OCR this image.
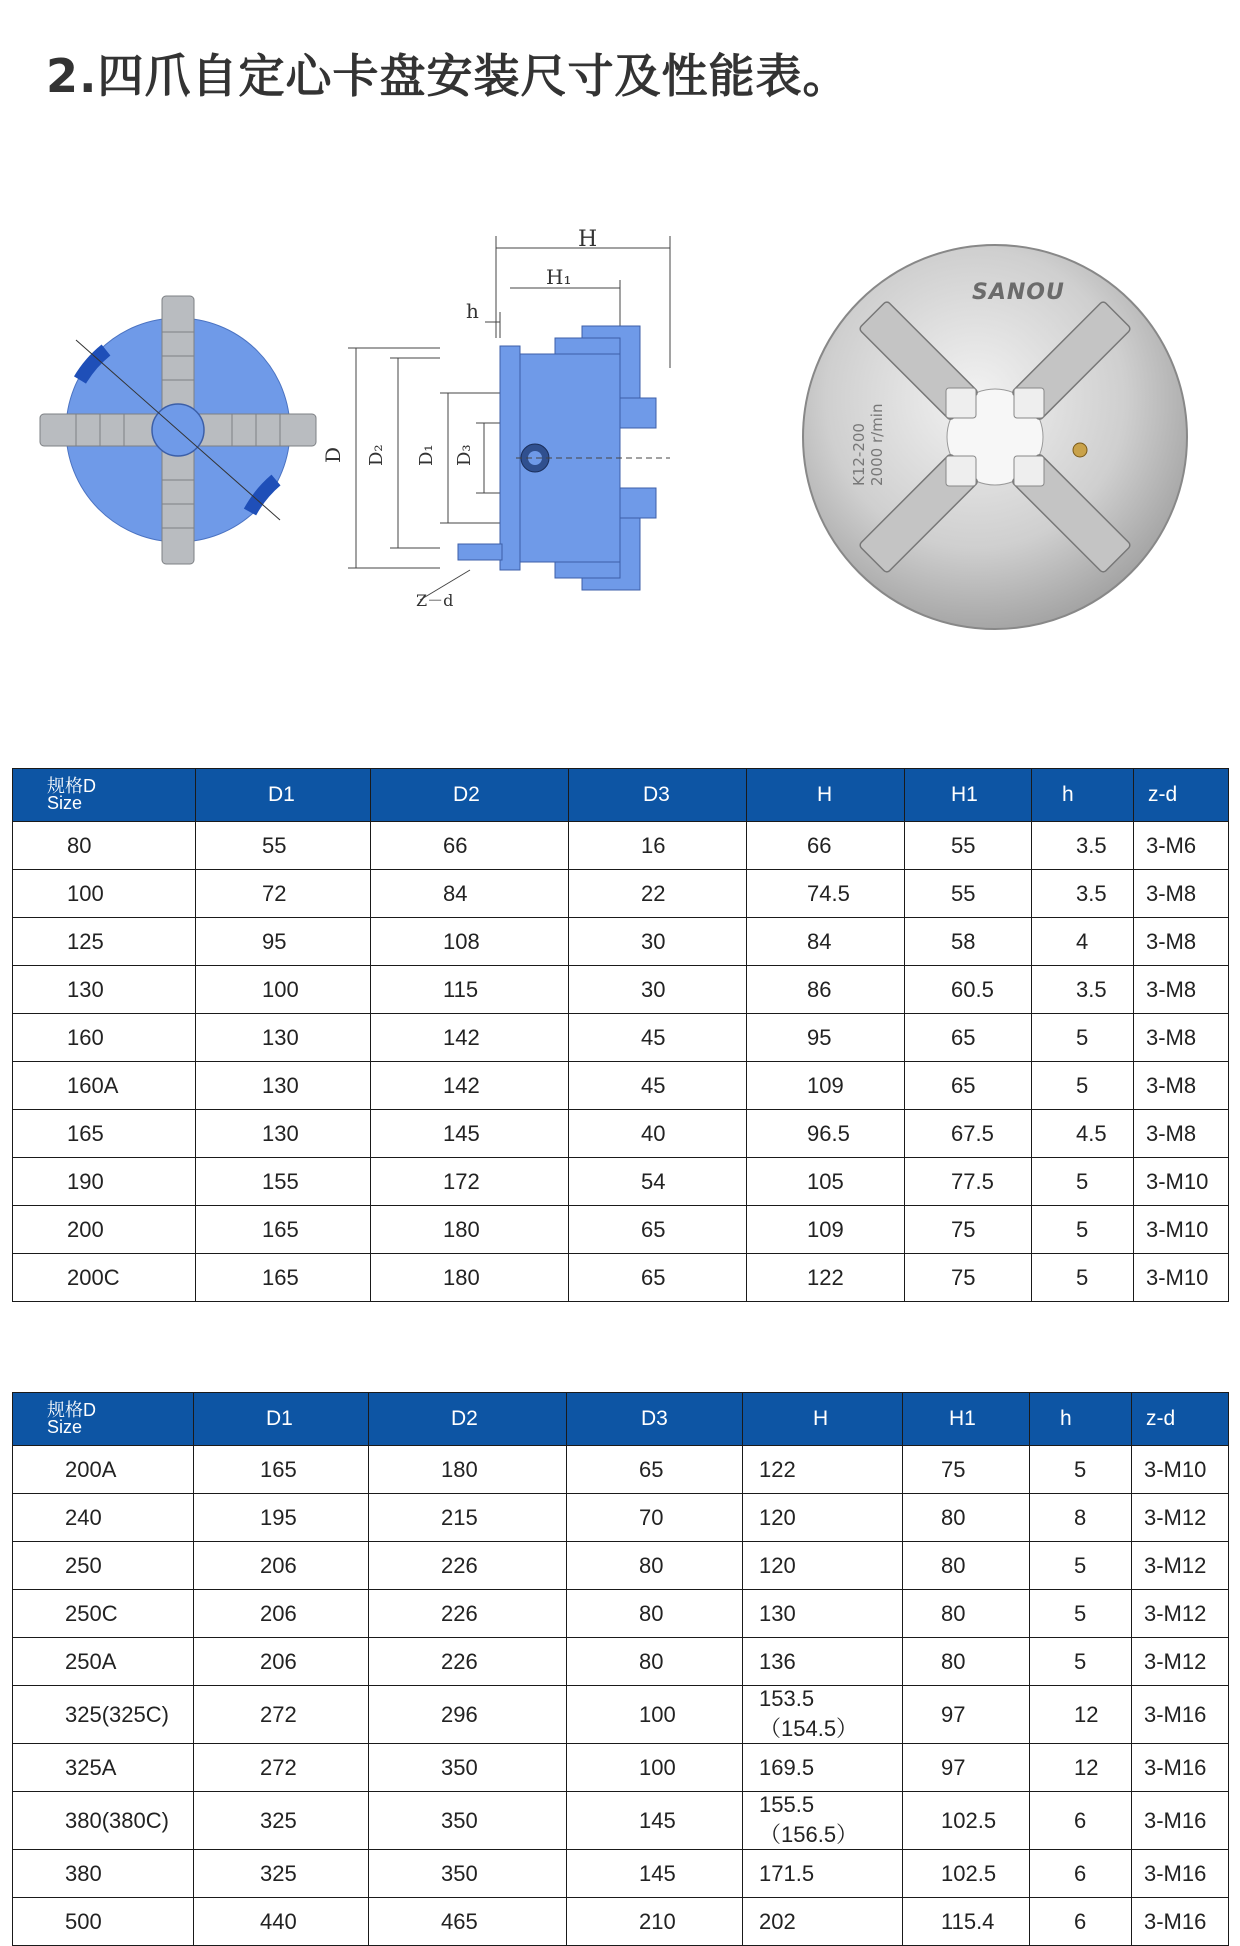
2.四爪自定心卡盘安装尺寸及性能表。
H
H₁
h
D D₂ D₁ D₃
Z－d
SANOU
K12-200 2000 r/min
规格D
Size	D1	D2	D3	H	H1	h	z-d
80	55	66	16	66	55	3.5	3-M6
100	72	84	22	74.5	55	3.5	3-M8
125	95	108	30	84	58	4	3-M8
130	100	115	30	86	60.5	3.5	3-M8
160	130	142	45	95	65	5	3-M8
160A	130	142	45	109	65	5	3-M8
165	130	145	40	96.5	67.5	4.5	3-M8
190	155	172	54	105	77.5	5	3-M10
200	165	180	65	109	75	5	3-M10
200C	165	180	65	122	75	5	3-M10
规格D
Size	D1	D2	D3	H	H1	h	z-d
200A	165	180	65	122	75	5	3-M10
240	195	215	70	120	80	8	3-M12
250	206	226	80	120	80	5	3-M12
250C	206	226	80	130	80	5	3-M12
250A	206	226	80	136	80	5	3-M12
325(325C)	272	296	100	153.5（154.5）	97	12	3-M16
325A	272	350	100	169.5	97	12	3-M16
380(380C)	325	350	145	155.5（156.5）	102.5	6	3-M16
380	325	350	145	171.5	102.5	6	3-M16
500	440	465	210	202	115.4	6	3-M16
